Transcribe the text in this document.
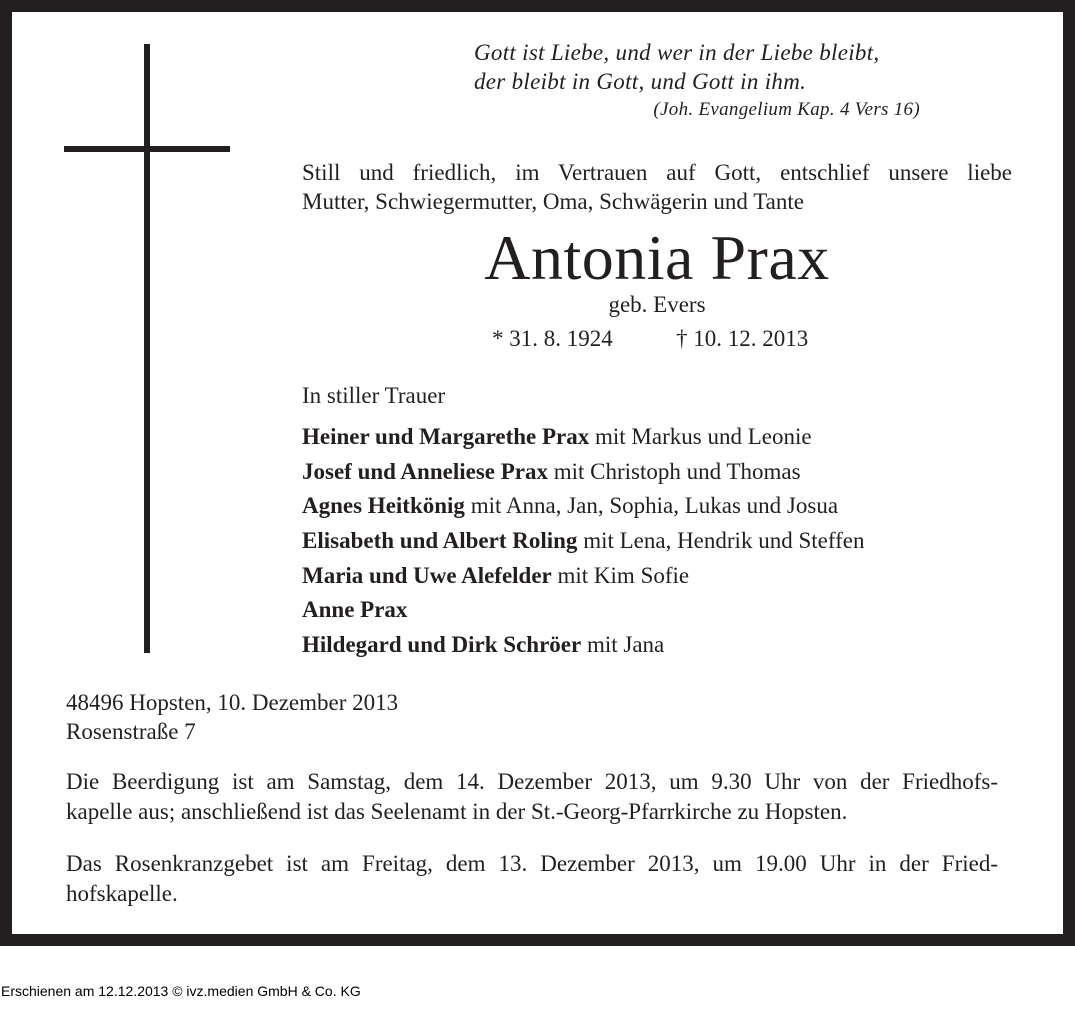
Gott ist Liebe, und wer in der Liebe bleibt,
der bleibt in Gott, und Gott in ihm.
(Joh. Evangelium Kap. 4 Vers 16)
Still und friedlich, im Vertrauen auf Gott, entschlief unsere liebe
Mutter, Schwiegermutter, Oma, Schwägerin und Tante
Antonia Prax
geb. Evers
* 31. 8. 1924	† 10. 12. 2013
In stiller Trauer
Heiner und Margarethe Prax mit Markus und Leonie
Josef und Anneliese Prax mit Christoph und Thomas
Agnes Heitkönig mit Anna, Jan, Sophia, Lukas und Josua
Elisabeth und Albert Roling mit Lena, Hendrik und Steffen
Maria und Uwe Alefelder mit Kim Sofie
Anne Prax
Hildegard und Dirk Schröer mit Jana
48496 Hopsten, 10. Dezember 2013
Rosenstraße 7
Die Beerdigung ist am Samstag, dem 14. Dezember 2013, um 9.30 Uhr von der Friedhofs-
kapelle aus; anschließend ist das Seelenamt in der St.-Georg-Pfarrkirche zu Hopsten.
Das Rosenkranzgebet ist am Freitag, dem 13. Dezember 2013, um 19.00 Uhr in der Fried-
hofskapelle.
Erschienen am 12.12.2013 © ivz.medien GmbH & Co. KG
